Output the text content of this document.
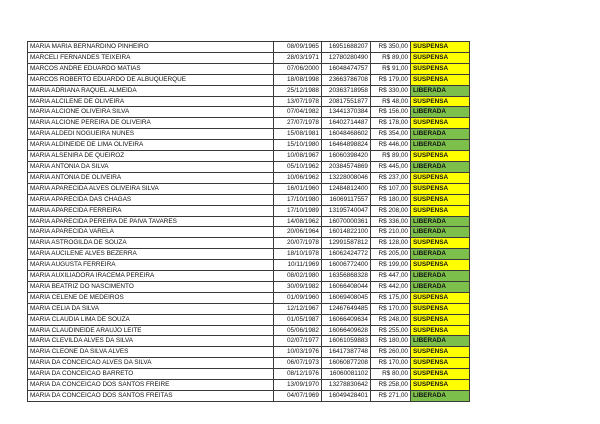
MARIA MARIA BERNARDINO PINHEIRO	08/09/1965	16951688207	R$ 350,00	SUSPENSA
MARCELI FERNANDES TEIXEIRA	28/03/1971	12780280490	R$ 89,00	SUSPENSA
MARCOS ANDRE EDUARDO MATIAS	07/06/2000	16048474757	R$ 91,00	SUSPENSA
MARCOS ROBERTO EDUARDO DE ALBUQUERQUE	18/08/1998	23663786708	R$ 179,00	SUSPENSA
MARIA ADRIANA RAQUEL ALMEIDA	25/12/1988	20363718958	R$ 330,00	LIBERADA
MARIA ALCILENE DE OLIVEIRA	13/07/1978	20817551877	R$ 48,00	SUSPENSA
MARIA ALCIONE OLIVEIRA SILVA	07/04/1982	13441370384	R$ 156,00	LIBERADA
MARIA ALCIONE PEREIRA DE OLIVEIRA	27/07/1978	16402714487	R$ 178,00	SUSPENSA
MARIA ALDEDI NOGUEIRA NUNES	15/08/1981	16048468602	R$ 354,00	LIBERADA
MARIA ALDINEIDE DE LIMA OLIVEIRA	15/10/1980	16464898824	R$ 446,00	LIBERADA
MARIA ALSENIRA DE QUEIROZ	10/08/1967	16060398420	R$ 89,00	SUSPENSA
MARIA ANTONIA DA SILVA	05/10/1962	20384574869	R$ 445,00	LIBERADA
MARIA ANTONIA DE OLIVEIRA	10/06/1962	13228008046	R$ 237,00	SUSPENSA
MARIA APARECIDA ALVES OLIVEIRA SILVA	16/01/1960	12484812400	R$ 107,00	SUSPENSA
MARIA APARECIDA DAS CHAGAS	17/10/1980	16069117557	R$ 180,00	SUSPENSA
MARIA APARECIDA FERREIRA	17/10/1989	13195740047	R$ 208,00	SUSPENSA
MARIA APARECIDA PEREIRA DE PAIVA TAVARES	14/08/1962	16070000361	R$ 336,00	LIBERADA
MARIA APARECIDA VARELA	20/06/1964	16014822100	R$ 210,00	LIBERADA
MARIA ASTROGILDA DE SOUZA	20/07/1978	12991587812	R$ 128,00	SUSPENSA
MARIA AUCILENE ALVES BEZERRA	18/10/1978	16062424772	R$ 205,00	LIBERADA
MARIA AUGUSTA FERREIRA	10/11/1969	16006772400	R$ 199,00	SUSPENSA
MARIA AUXILIADORA IRACEMA PEREIRA	08/02/1980	16356868328	R$ 447,00	LIBERADA
MARIA BEATRIZ DO NASCIMENTO	30/09/1982	16066408044	R$ 442,00	LIBERADA
MARIA CELENE DE MEDEIROS	01/09/1960	16069408045	R$ 175,00	SUSPENSA
MARIA CELIA DA SILVA	12/12/1967	12467649485	R$ 170,00	SUSPENSA
MARIA CLAUDIA LIMA DE SOUZA	01/05/1987	16066409634	R$ 248,00	SUSPENSA
MARIA CLAUDINEIDE ARAUJO LEITE	05/06/1982	16066409628	R$ 255,00	SUSPENSA
MARIA CLEVILDA ALVES DA SILVA	02/07/1977	16061059883	R$ 180,00	LIBERADA
MARIA CLEONE DA SILVA ALVES	10/03/1976	16417387748	R$ 260,00	SUSPENSA
MARIA DA CONCEICAO ALVES DA SILVA	06/07/1973	16060877208	R$ 170,00	SUSPENSA
MARIA DA CONCEICAO BARRETO	08/12/1976	16060081102	R$ 80,00	SUSPENSA
MARIA DA CONCEICAO DOS SANTOS FREIRE	13/09/1970	13278830642	R$ 258,00	SUSPENSA
MARIA DA CONCEICAO DOS SANTOS FREITAS	04/07/1969	16049428401	R$ 271,00	LIBERADA
